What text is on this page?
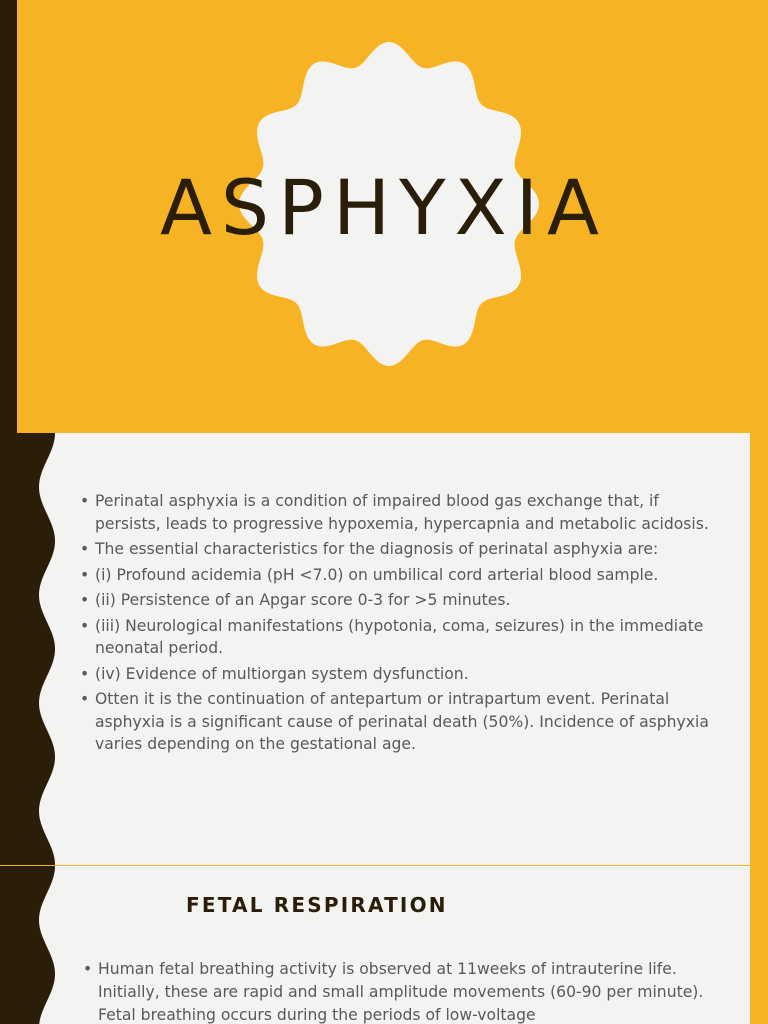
ASPHYXIA
• Perinatal asphyxia is a condition of impaired blood gas exchange that, if persists, leads to progressive hypoxemia, hypercapnia and metabolic acidosis.
• The essential characteristics for the diagnosis of perinatal asphyxia are:
• (i) Profound acidemia (pH <7.0) on umbilical cord arterial blood sample.
• (ii) Persistence of an Apgar score 0-3 for >5 minutes.
• (iii) Neurological manifestations (hypotonia, coma, seizures) in the immediate neonatal period.
• (iv) Evidence of multiorgan system dysfunction.
• Otten it is the continuation of antepartum or intrapartum event. Perinatal asphyxia is a significant cause of perinatal death (50%). Incidence of asphyxia varies depending on the gestational age.
FETAL RESPIRATION
• Human fetal breathing activity is observed at 11weeks of intrauterine life. Initially, these are rapid and small amplitude movements (60-90 per minute). Fetal breathing occurs during the periods of low-voltage
